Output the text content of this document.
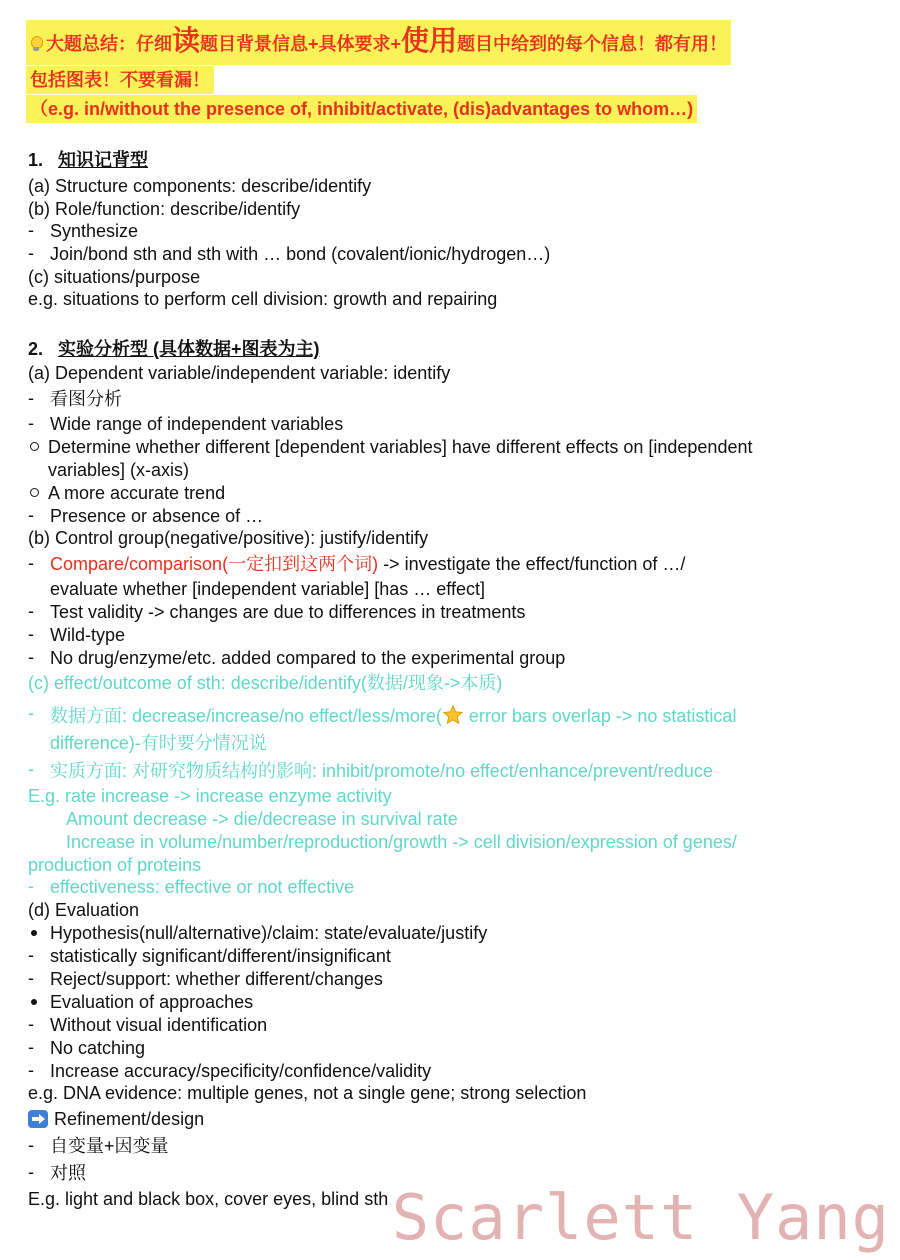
大题总结：仔细读题目背景信息+具体要求+使用题目中给到的每个信息！都有用！
包括图表！不要看漏！
（e.g. in/without the presence of, inhibit/activate, (dis)advantages to whom…)
1. 知识记背型
(a) Structure components: describe/identify
(b) Role/function: describe/identify
- Synthesize
- Join/bond sth and sth with … bond (covalent/ionic/hydrogen…)
(c) situations/purpose
e.g. situations to perform cell division: growth and repairing
2. 实验分析型 (具体数据+图表为主)
(a) Dependent variable/independent variable: identify
- 看图分析
- Wide range of independent variables
Determine whether different [dependent variables] have different effects on [independent
variables] (x-axis)
A more accurate trend
- Presence or absence of …
(b) Control group(negative/positive): justify/identify
- Compare/comparison(一定扣到这两个词) -> investigate the effect/function of …/
evaluate whether [independent variable] [has … effect]
- Test validity -> changes are due to differences in treatments
- Wild-type
- No drug/enzyme/etc. added compared to the experimental group
(c) effect/outcome of sth: describe/identify(数据/现象->本质)
- 数据方面: decrease/increase/no effect/less/more( error bars overlap -> no statistical
difference)-有时要分情况说
- 实质方面: 对研究物质结构的影响: inhibit/promote/no effect/enhance/prevent/reduce
E.g. rate increase -> increase enzyme activity
Amount decrease -> die/decrease in survival rate
Increase in volume/number/reproduction/growth -> cell division/expression of genes/
production of proteins
- effectiveness: effective or not effective
(d) Evaluation
Hypothesis(null/alternative)/claim: state/evaluate/justify
- statistically significant/different/insignificant
- Reject/support: whether different/changes
Evaluation of approaches
- Without visual identification
- No catching
- Increase accuracy/specificity/confidence/validity
e.g. DNA evidence: multiple genes, not a single gene; strong selection
Refinement/design
- 自变量+因变量
- 对照
E.g. light and black box, cover eyes, blind sth Scarlett Yang
